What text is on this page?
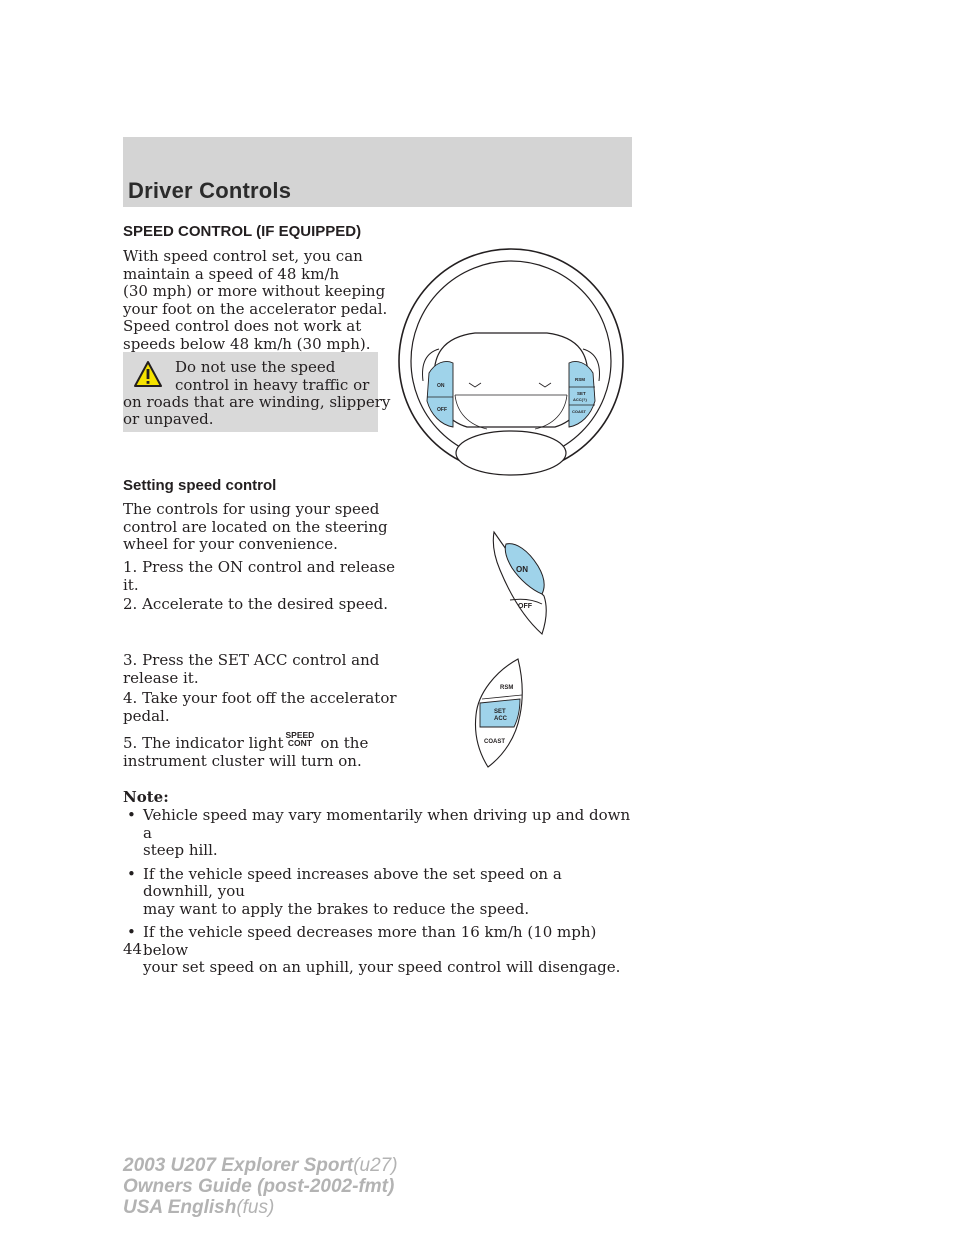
Driver Controls
SPEED CONTROL (IF EQUIPPED)
With speed control set, you can
maintain a speed of 48 km/h
(30 mph) or more without keeping
your foot on the accelerator pedal.
Speed control does not work at
speeds below 48 km/h (30 mph).
Do not use the speed
control in heavy traffic or
on roads that are winding, slippery
or unpaved.
Setting speed control
The controls for using your speed
control are located on the steering
wheel for your convenience.
1. Press the ON control and release
it.
2. Accelerate to the desired speed.
3. Press the SET ACC control and
release it.
4. Take your foot off the accelerator
pedal.
5. The indicator light SPEED
CONT on the
instrument cluster will turn on.
Note:
• Vehicle speed may vary momentarily when driving up and down a
steep hill.
• If the vehicle speed increases above the set speed on a downhill, you
may want to apply the brakes to reduce the speed.
• If the vehicle speed decreases more than 16 km/h (10 mph) below
your set speed on an uphill, your speed control will disengage.
ON
OFF
RSM
SET
ACC(?)
COAST
ON
OFF
RSM
SET
ACC
COAST
44
2003 U207 Explorer Sport(u27)
Owners Guide (post-2002-fmt)
USA English(fus)
